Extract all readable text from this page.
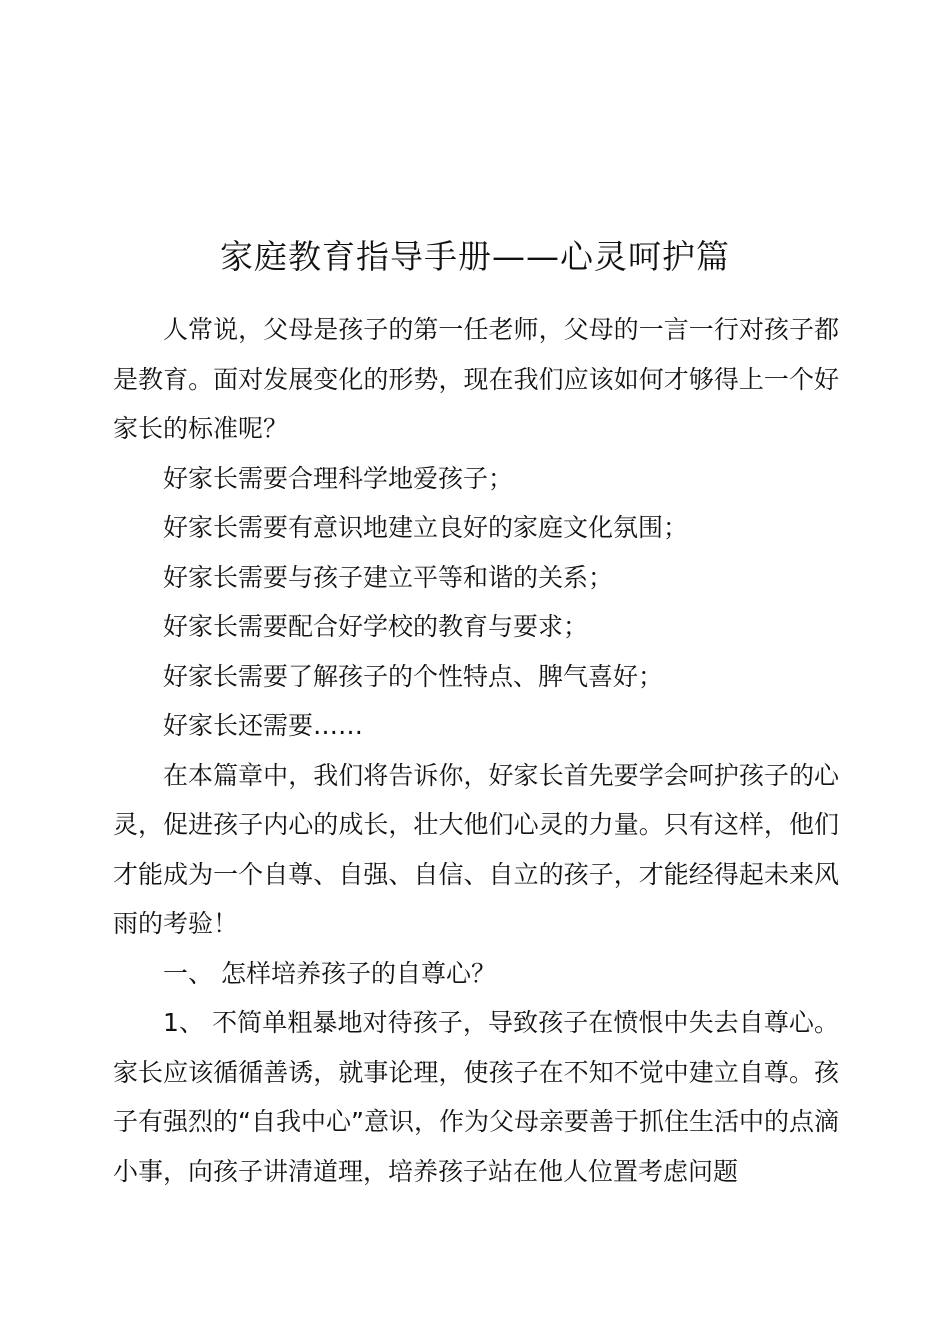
家庭教育指导手册——心灵呵护篇

人常说，父母是孩子的第一任老师，父母的一言一行对孩子都是教育。面对发展变化的形势，现在我们应该如何才够得上一个好家长的标准呢？

好家长需要合理科学地爱孩子；

好家长需要有意识地建立良好的家庭文化氛围；

好家长需要与孩子建立平等和谐的关系；

好家长需要配合好学校的教育与要求；

好家长需要了解孩子的个性特点、脾气喜好；

好家长还需要……

在本篇章中，我们将告诉你，好家长首先要学会呵护孩子的心灵，促进孩子内心的成长，壮大他们心灵的力量。只有这样，他们才能成为一个自尊、自强、自信、自立的孩子，才能经得起未来风雨的考验！

一、 怎样培养孩子的自尊心？

1、 不简单粗暴地对待孩子，导致孩子在愤恨中失去自尊心。家长应该循循善诱，就事论理，使孩子在不知不觉中建立自尊。孩子有强烈的“自我中心”意识，作为父母亲要善于抓住生活中的点滴小事，向孩子讲清道理，培养孩子站在他人位置考虑问题
